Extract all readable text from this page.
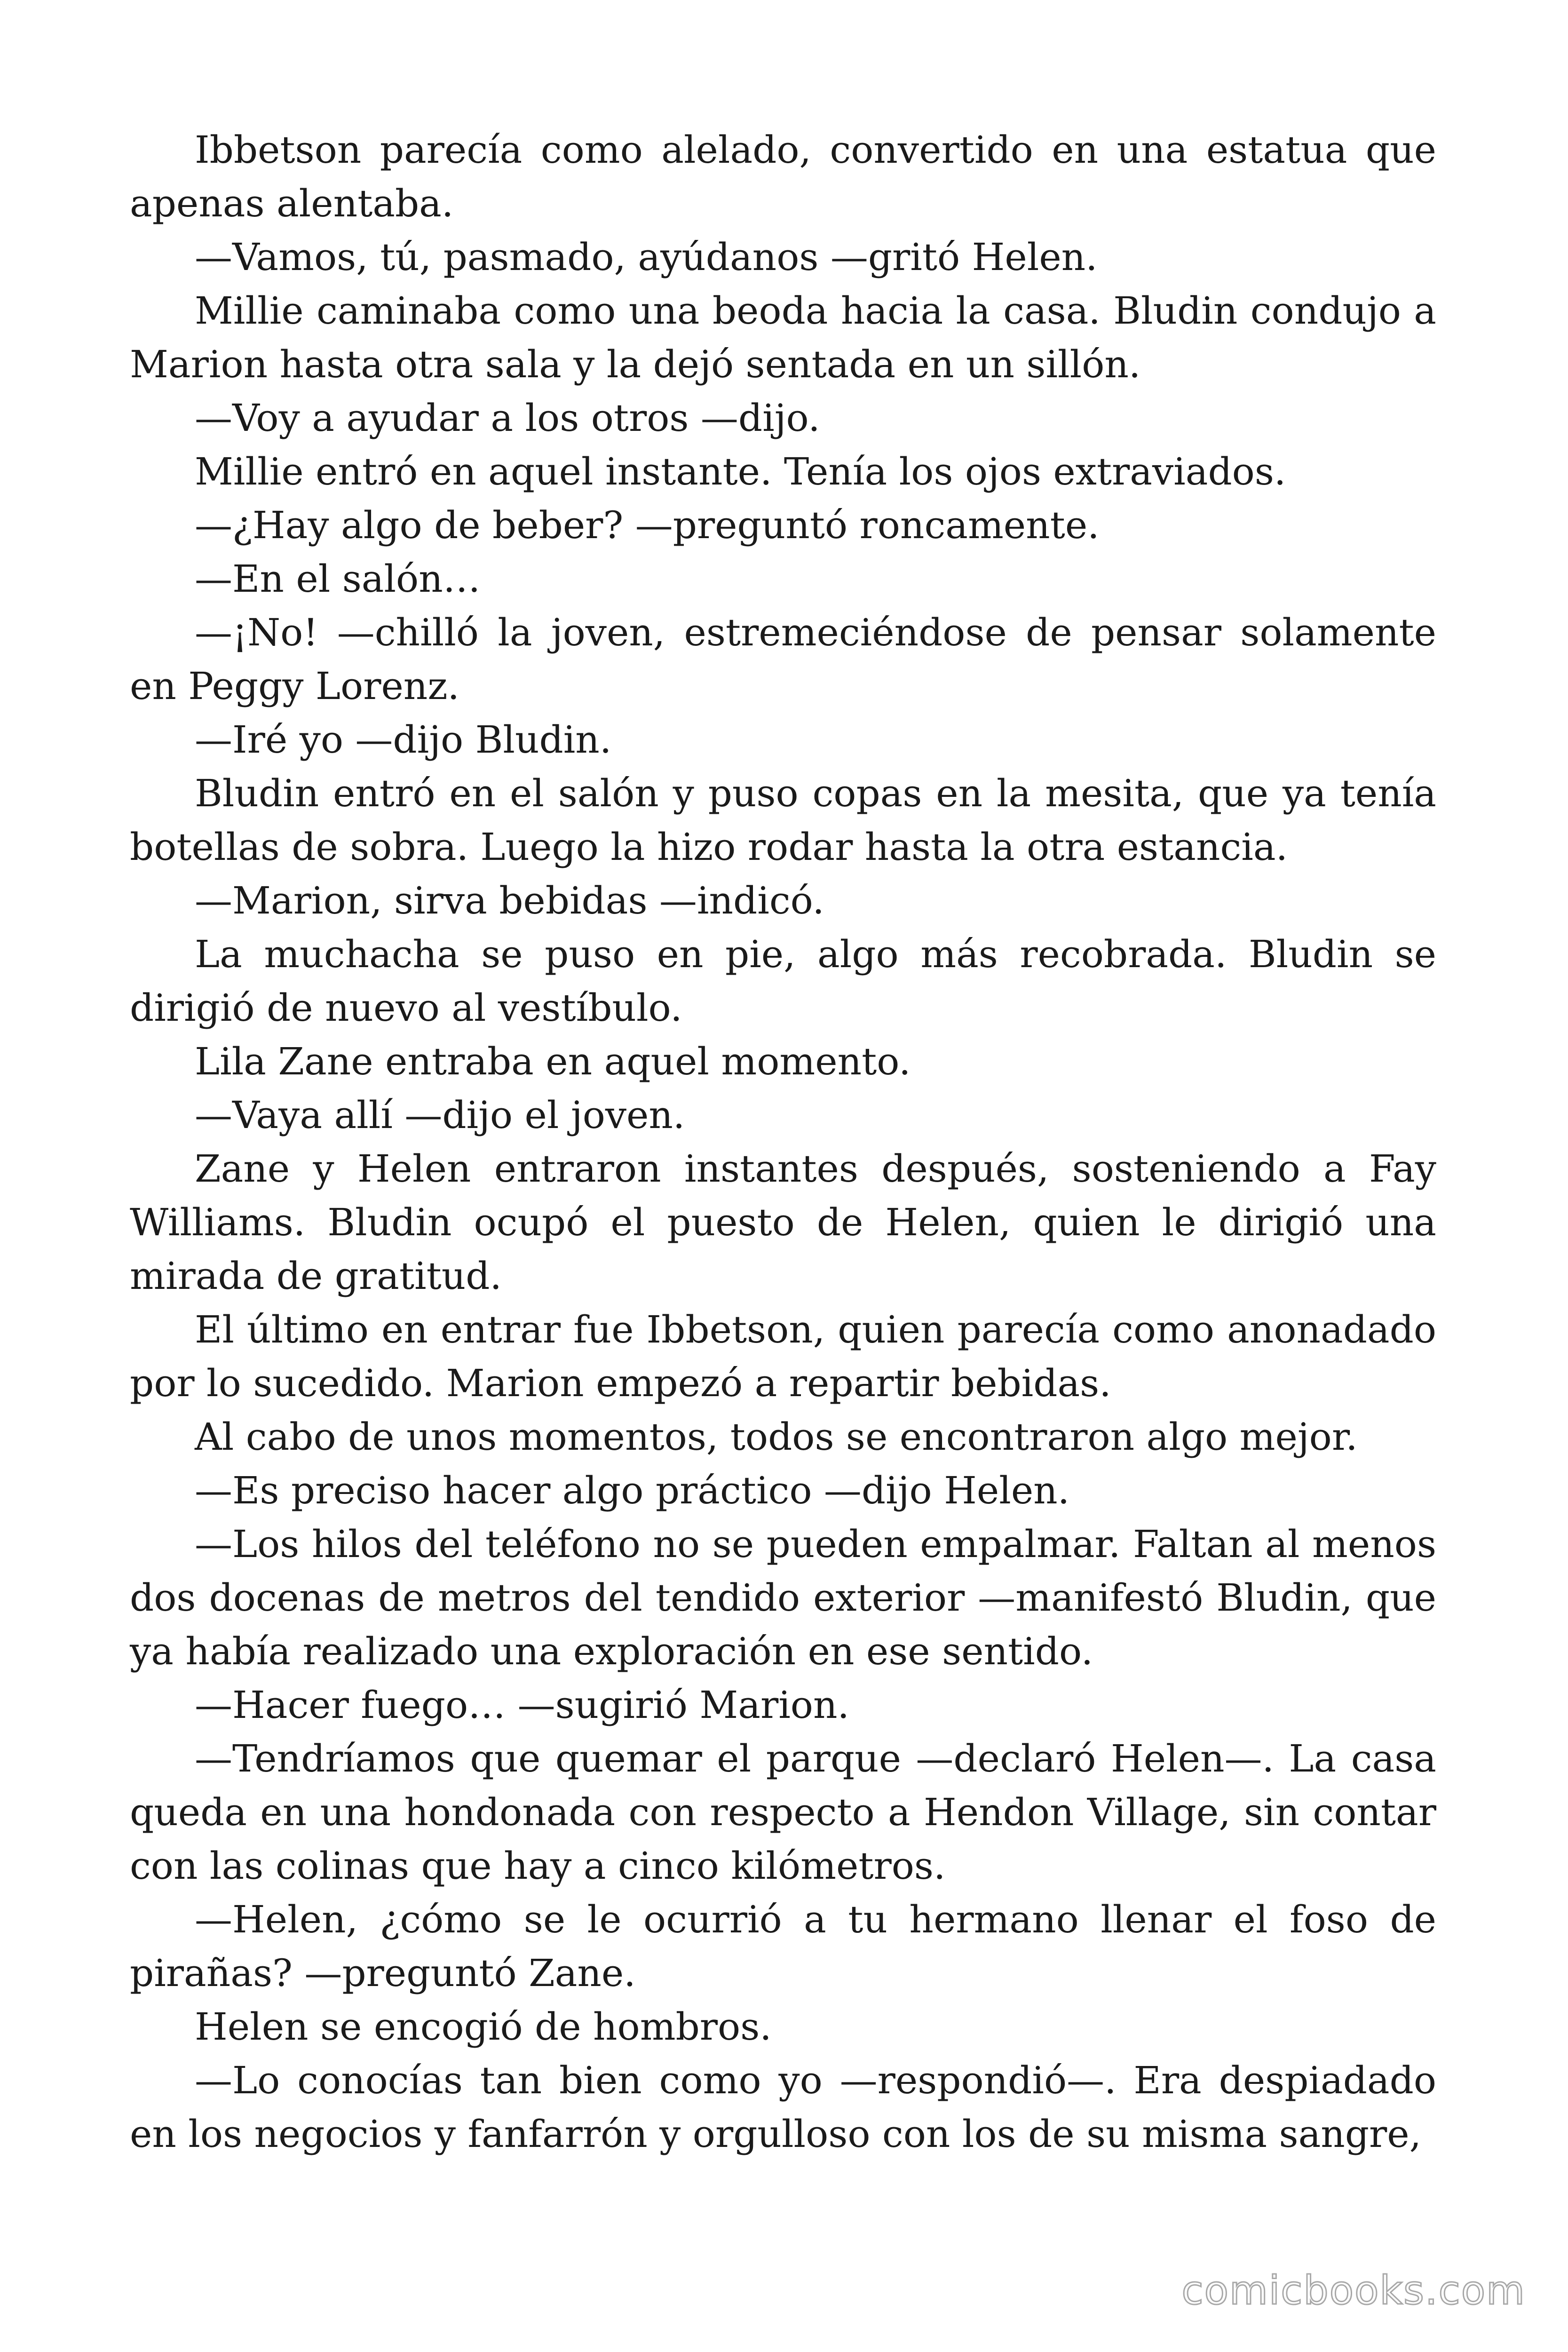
Ibbetson parecía como alelado, convertido en una estatua que apenas alentaba.

—Vamos, tú, pasmado, ayúdanos —gritó Helen.

Millie caminaba como una beoda hacia la casa. Bludin condujo a Marion hasta otra sala y la dejó sentada en un sillón.

—Voy a ayudar a los otros —dijo.

Millie entró en aquel instante. Tenía los ojos extraviados.

—¿Hay algo de beber? —preguntó roncamente.

—En el salón…

—¡No! —chilló la joven, estremeciéndose de pensar solamente en Peggy Lorenz.

—Iré yo —dijo Bludin.

Bludin entró en el salón y puso copas en la mesita, que ya tenía botellas de sobra. Luego la hizo rodar hasta la otra estancia.

—Marion, sirva bebidas —indicó.

La muchacha se puso en pie, algo más recobrada. Bludin se dirigió de nuevo al vestíbulo.

Lila Zane entraba en aquel momento.

—Vaya allí —dijo el joven.

Zane y Helen entraron instantes después, sosteniendo a Fay Williams. Bludin ocupó el puesto de Helen, quien le dirigió una mirada de gratitud.

El último en entrar fue Ibbetson, quien parecía como anonadado por lo sucedido. Marion empezó a repartir bebidas.

Al cabo de unos momentos, todos se encontraron algo mejor.

—Es preciso hacer algo práctico —dijo Helen.

—Los hilos del teléfono no se pueden empalmar. Faltan al menos dos docenas de metros del tendido exterior —manifestó Bludin, que ya había realizado una exploración en ese sentido.

—Hacer fuego… —sugirió Marion.

—Tendríamos que quemar el parque —declaró Helen—. La casa queda en una hondonada con respecto a Hendon Village, sin contar con las colinas que hay a cinco kilómetros.

—Helen, ¿cómo se le ocurrió a tu hermano llenar el foso de pirañas? —preguntó Zane.

Helen se encogió de hombros.

—Lo conocías tan bien como yo —respondió—. Era despiadado en los negocios y fanfarrón y orgulloso con los de su misma sangre,

comicbooks.com
